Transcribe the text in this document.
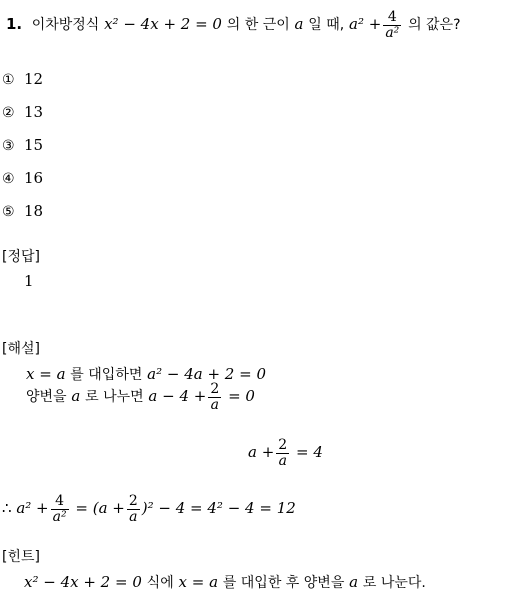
1. 이차방정식 x² − 4x + 2 = 0 의 한 근이 a 일 때, $a^2 + \frac{4}{\text{a²}}$ 의 값은?
① 12
② 13
③ 15
④ 16
⑤ 18
[정답]
1
[해설]
x = a 를 대입하면 a² − 4a + 2 = 0
양변을 a 로 나누면 $a - 4 + \frac{2}{a} = 0$
$a + \frac{2}{a} = 4$
∴ $a^2 + \frac{4}{\text{a²}} = (a + \frac{2}{a} )^2 - 4 = 4^2 - 4 = 12$
[힌트]
x² − 4x + 2 = 0 식에 x = a 를 대입한 후 양변을 a 로 나눈다.
